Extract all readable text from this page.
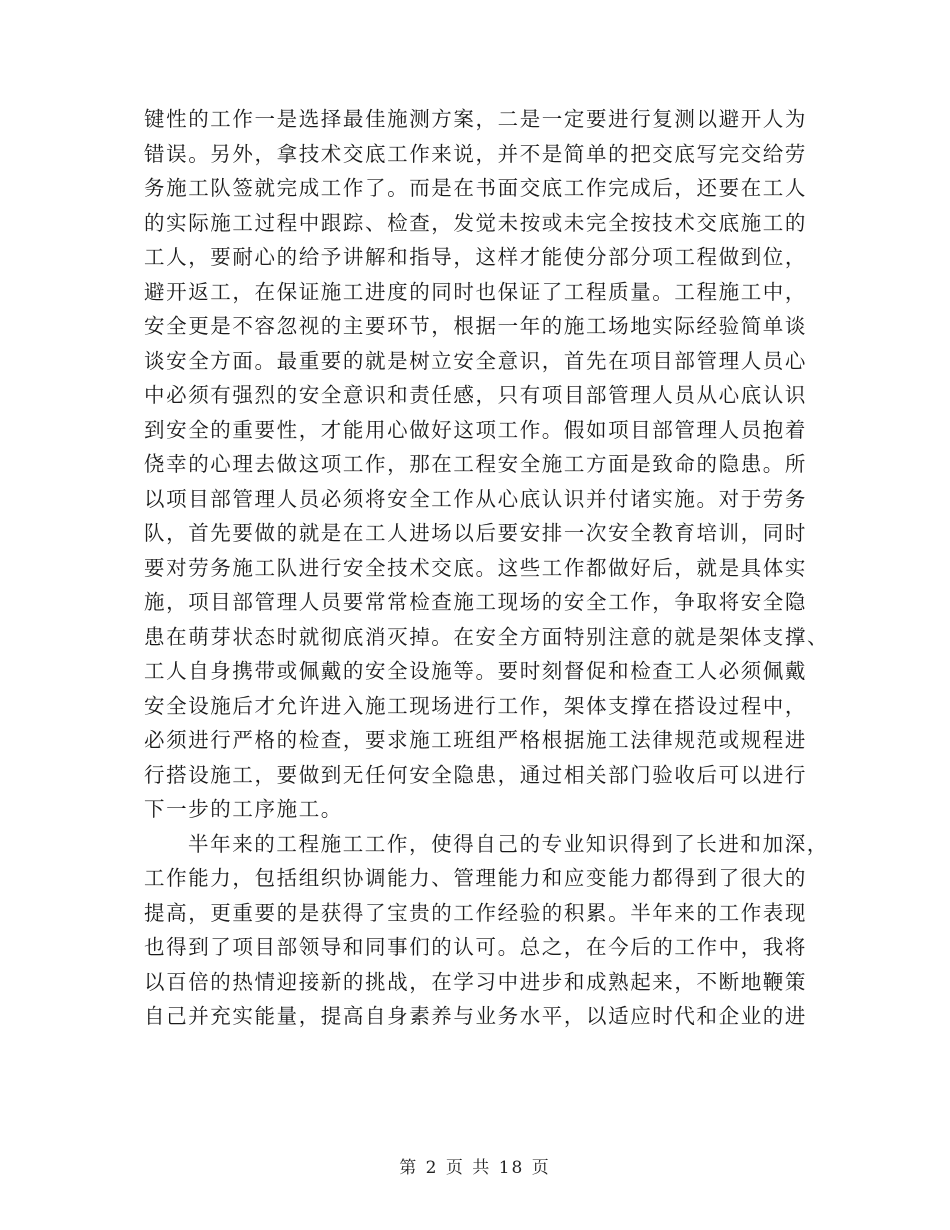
键性的工作一是选择最佳施测方案，二是一定要进行复测以避开人为
错误。另外，拿技术交底工作来说，并不是简单的把交底写完交给劳
务施工队签就完成工作了。而是在书面交底工作完成后，还要在工人
的实际施工过程中跟踪、检查，发觉未按或未完全按技术交底施工的
工人，要耐心的给予讲解和指导，这样才能使分部分项工程做到位，
避开返工，在保证施工进度的同时也保证了工程质量。工程施工中，
安全更是不容忽视的主要环节，根据一年的施工场地实际经验简单谈
谈安全方面。最重要的就是树立安全意识，首先在项目部管理人员心
中必须有强烈的安全意识和责任感，只有项目部管理人员从心底认识
到安全的重要性，才能用心做好这项工作。假如项目部管理人员抱着
侥幸的心理去做这项工作，那在工程安全施工方面是致命的隐患。所
以项目部管理人员必须将安全工作从心底认识并付诸实施。对于劳务
队，首先要做的就是在工人进场以后要安排一次安全教育培训，同时
要对劳务施工队进行安全技术交底。这些工作都做好后，就是具体实
施，项目部管理人员要常常检查施工现场的安全工作，争取将安全隐
患在萌芽状态时就彻底消灭掉。在安全方面特别注意的就是架体支撑、
工人自身携带或佩戴的安全设施等。要时刻督促和检查工人必须佩戴
安全设施后才允许进入施工现场进行工作，架体支撑在搭设过程中，
必须进行严格的检查，要求施工班组严格根据施工法律规范或规程进
行搭设施工，要做到无任何安全隐患，通过相关部门验收后可以进行
下一步的工序施工。
半年来的工程施工工作，使得自己的专业知识得到了长进和加深，
工作能力，包括组织协调能力、管理能力和应变能力都得到了很大的
提高，更重要的是获得了宝贵的工作经验的积累。半年来的工作表现
也得到了项目部领导和同事们的认可。总之，在今后的工作中，我将
以百倍的热情迎接新的挑战，在学习中进步和成熟起来，不断地鞭策
自己并充实能量，提高自身素养与业务水平，以适应时代和企业的进
第 2 页 共 18 页
